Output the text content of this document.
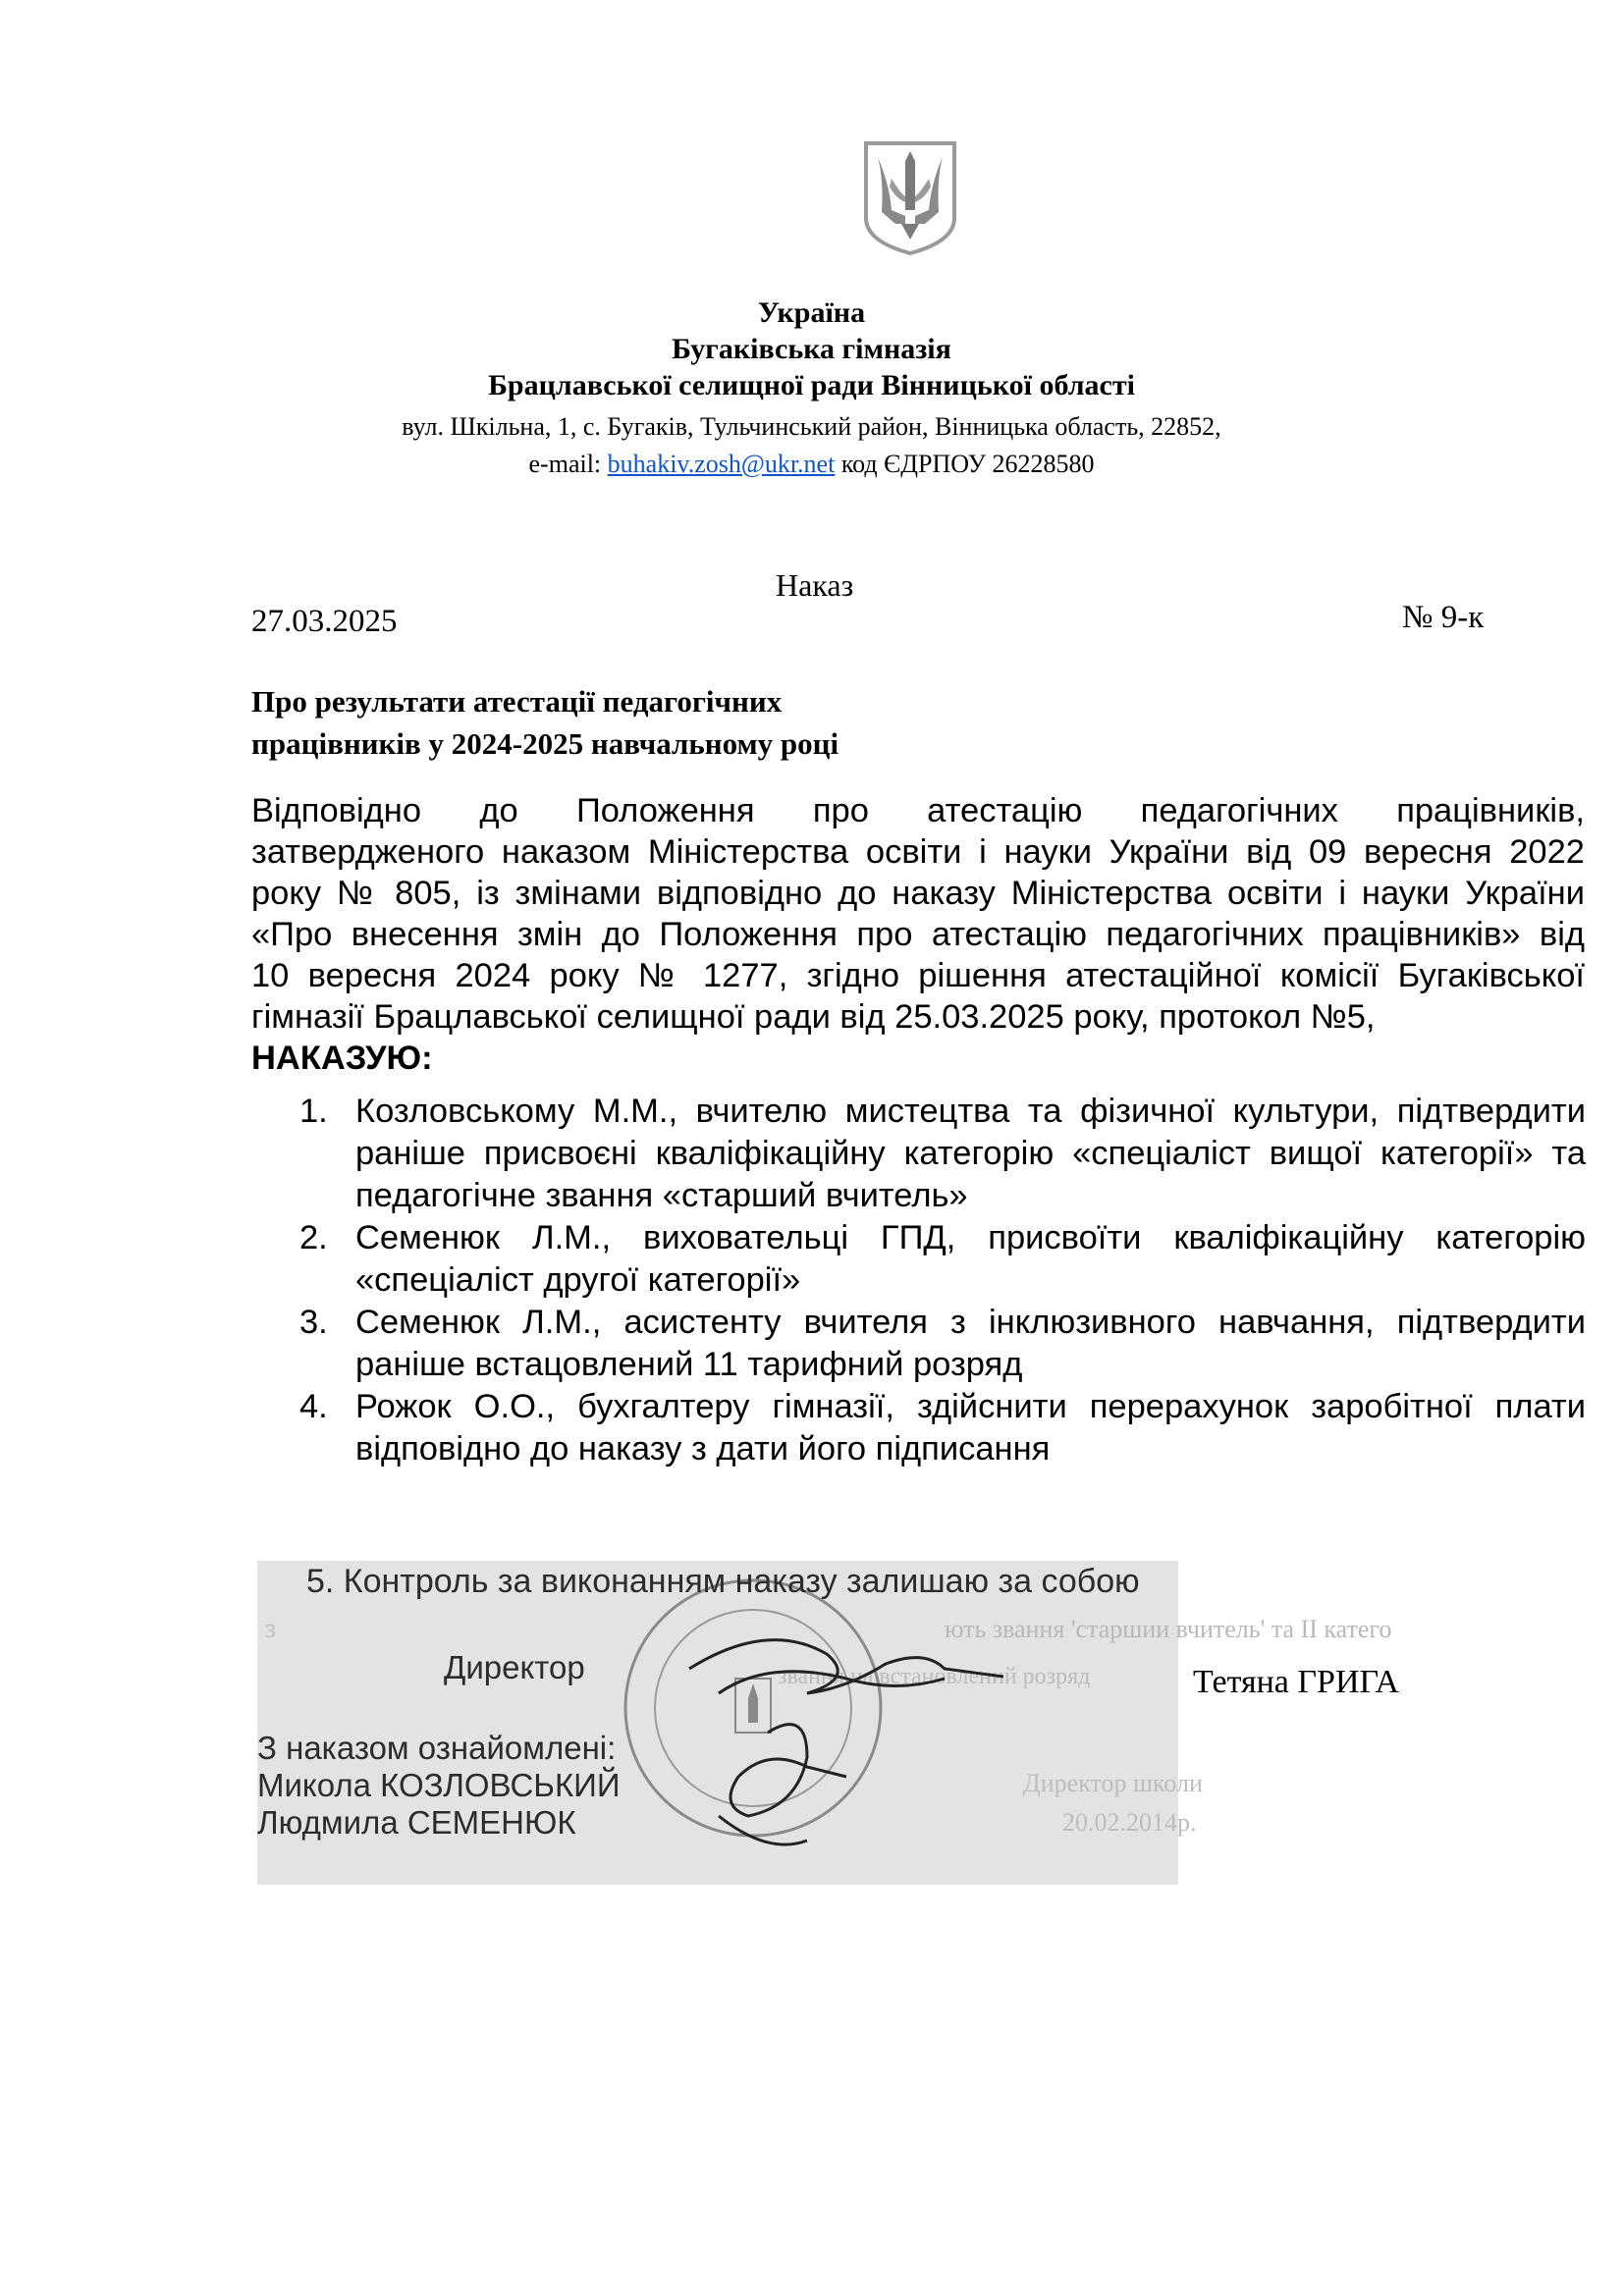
Україна
Бугаківська гімназія
Брацлавської селищної ради Вінницької області
вул. Шкільна, 1, с. Бугаків, Тульчинський район, Вінницька область, 22852,
e-mail: buhakiv.zosh@ukr.net код ЄДРПОУ 26228580
Наказ
27.03.2025	№ 9-к
Про результати атестації педагогічних
працівників у 2024-2025 навчальному році
Відповідно до Положення про атестацію педагогічних працівників,
затвердженого наказом Міністерства освіти і науки України від 09 вересня 2022
року № 805, із змінами відповідно до наказу Міністерства освіти і науки України
«Про внесення змін до Положення про атестацію педагогічних працівників» від
10 вересня 2024 року № 1277, згідно рішення атестаційної комісії Бугаківської
гімназії Брацлавської селищної ради від 25.03.2025 року, протокол №5,
НАКАЗУЮ:
1. Козловському М.М., вчителю мистецтва та фізичної культури, підтвердити
раніше присвоєні кваліфікаційну категорію «спеціаліст вищої категорії» та
педагогічне звання «старший вчитель»
2. Семенюк Л.М., виховательці ГПД, присвоїти кваліфікаційну категорію
«спеціаліст другої категорії»
3. Семенюк Л.М., асистенту вчителя з інклюзивного навчання, підтвердити
раніше встацовлений 11 тарифний розряд
4. Рожок О.О., бухгалтеру гімназії, здійснити перерахунок заробітної плати
відповідно до наказу з дати його підписання
з	ють звання 'старшии вчитель' та ІІ катего
звання на встановлений розряд
Директор школи
20.02.2014р.
5. Контроль за виконанням наказу залишаю за собою
Директор
З наказом ознайомлені:
Микола КОЗЛОВСЬКИЙ
Людмила СЕМЕНЮК
Тетяна ГРИГА
